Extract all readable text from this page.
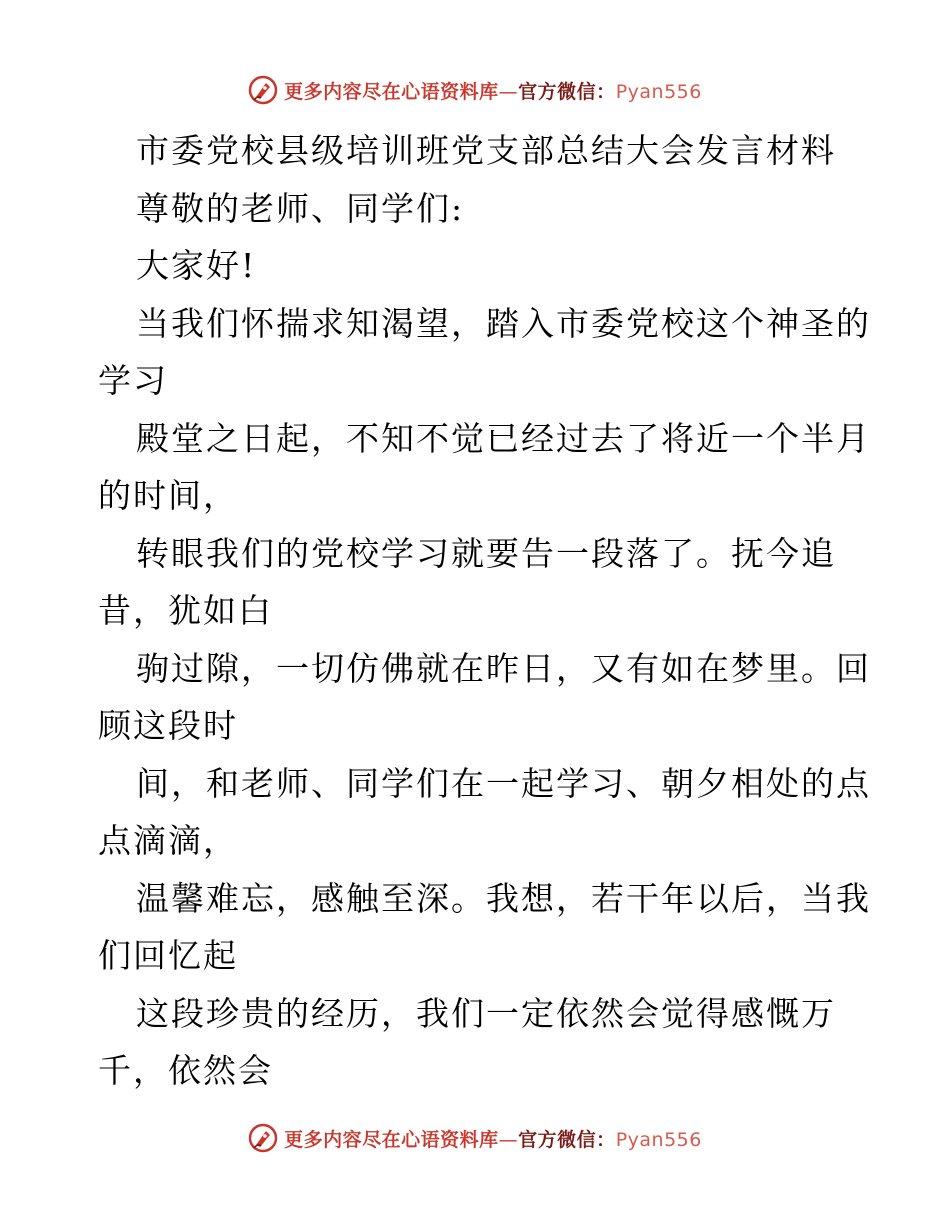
更多内容尽在心语资料库—官方微信：Pyan556
市委党校县级培训班党支部总结大会发言材料
尊敬的老师、同学们:
大家好!
当我们怀揣求知渴望，踏入市委党校这个神圣的
学习
殿堂之日起，不知不觉已经过去了将近一个半月
的时间，
转眼我们的党校学习就要告一段落了。抚今追
昔，犹如白
驹过隙，一切仿佛就在昨日，又有如在梦里。回
顾这段时
间，和老师、同学们在一起学习、朝夕相处的点
点滴滴，
温馨难忘，感触至深。我想，若干年以后，当我
们回忆起
这段珍贵的经历，我们一定依然会觉得感慨万
千，依然会
更多内容尽在心语资料库—官方微信：Pyan556
